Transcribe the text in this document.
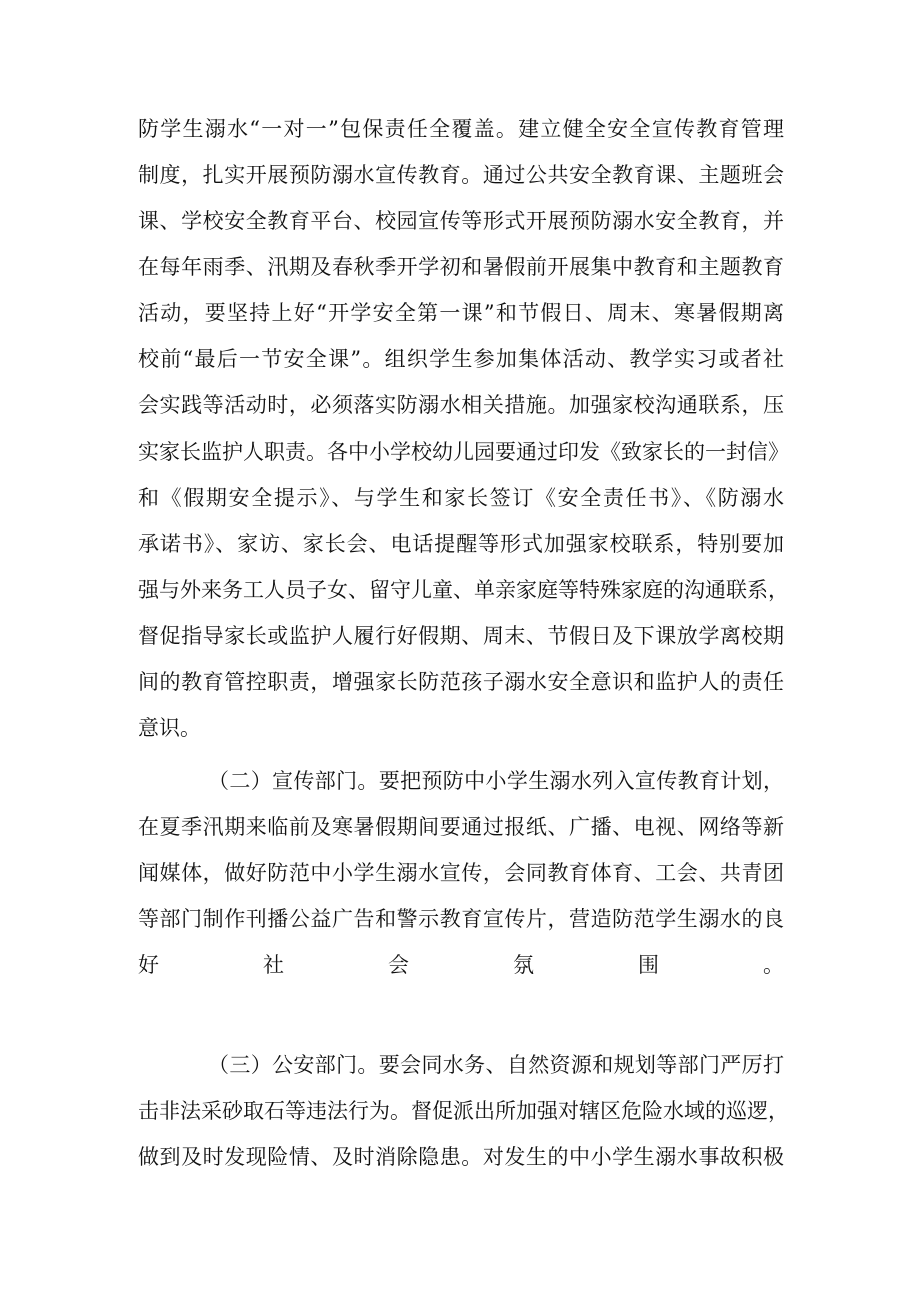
防学生溺水“一对一”包保责任全覆盖。建立健全安全宣传教育管理
制度，扎实开展预防溺水宣传教育。通过公共安全教育课、主题班会
课、学校安全教育平台、校园宣传等形式开展预防溺水安全教育，并
在每年雨季、汛期及春秋季开学初和暑假前开展集中教育和主题教育
活动，要坚持上好“开学安全第一课”和节假日、周末、寒暑假期离
校前“最后一节安全课”。组织学生参加集体活动、教学实习或者社
会实践等活动时，必须落实防溺水相关措施。加强家校沟通联系，压
实家长监护人职责。各中小学校幼儿园要通过印发《致家长的一封信》
和《假期安全提示》、与学生和家长签订《安全责任书》、《防溺水
承诺书》、家访、家长会、电话提醒等形式加强家校联系，特别要加
强与外来务工人员子女、留守儿童、单亲家庭等特殊家庭的沟通联系，
督促指导家长或监护人履行好假期、周末、节假日及下课放学离校期
间的教育管控职责，增强家长防范孩子溺水安全意识和监护人的责任
意识。
（二）宣传部门。要把预防中小学生溺水列入宣传教育计划，
在夏季汛期来临前及寒暑假期间要通过报纸、广播、电视、网络等新
闻媒体，做好防范中小学生溺水宣传，会同教育体育、工会、共青团
等部门制作刊播公益广告和警示教育宣传片，营造防范学生溺水的良
好社会氛围。
（三）公安部门。要会同水务、自然资源和规划等部门严厉打
击非法采砂取石等违法行为。督促派出所加强对辖区危险水域的巡逻，
做到及时发现险情、及时消除隐患。对发生的中小学生溺水事故积极
